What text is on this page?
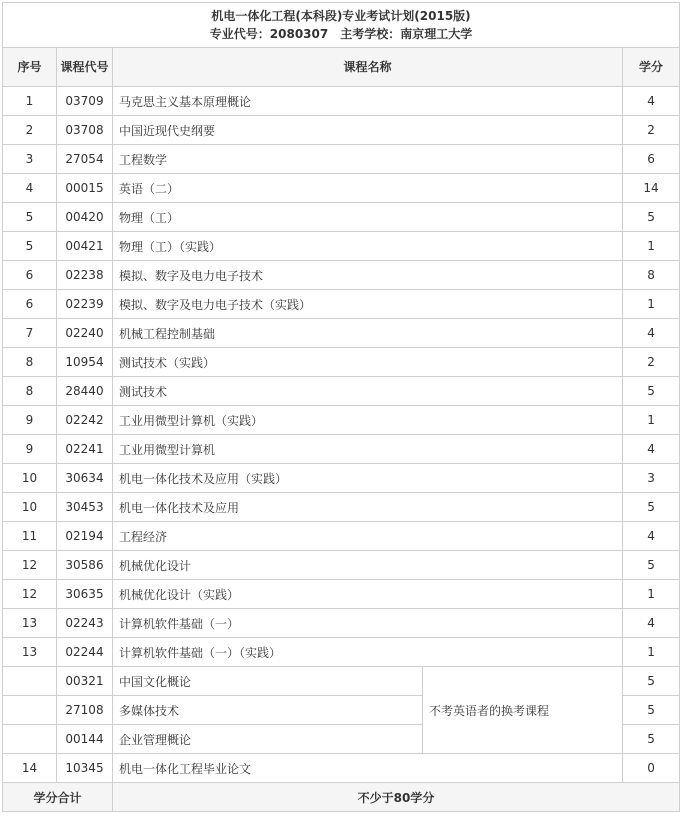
机电一体化工程(本科段)专业考试计划(2015版)
专业代号：2080307　主考学校：南京理工大学				

序号	课程代号	课程名称		学分
1	03709	马克思主义基本原理概论		4
2	03708	中国近现代史纲要		2
3	27054	工程数学		6
4	00015	英语（二）		14
5	00420	物理（工）		5
5	00421	物理（工）（实践）		1
6	02238	模拟、数字及电力电子技术		8
6	02239	模拟、数字及电力电子技术（实践）		1
7	02240	机械工程控制基础		4
8	10954	测试技术（实践）		2
8	28440	测试技术		5
9	02242	工业用微型计算机（实践）		1
9	02241	工业用微型计算机		4
10	30634	机电一体化技术及应用（实践）		3
10	30453	机电一体化技术及应用		5
11	02194	工程经济		4
12	30586	机械优化设计		5
12	30635	机械优化设计（实践）		1
13	02243	计算机软件基础（一）		4
13	02244	计算机软件基础（一）（实践）		1
	00321	中国文化概论	不考英语者的换考课程	5
	27108	多媒体技术		5
	00144	企业管理概论		5
14	10345	机电一体化工程毕业论文		0
学分合计		不少于80学分		
